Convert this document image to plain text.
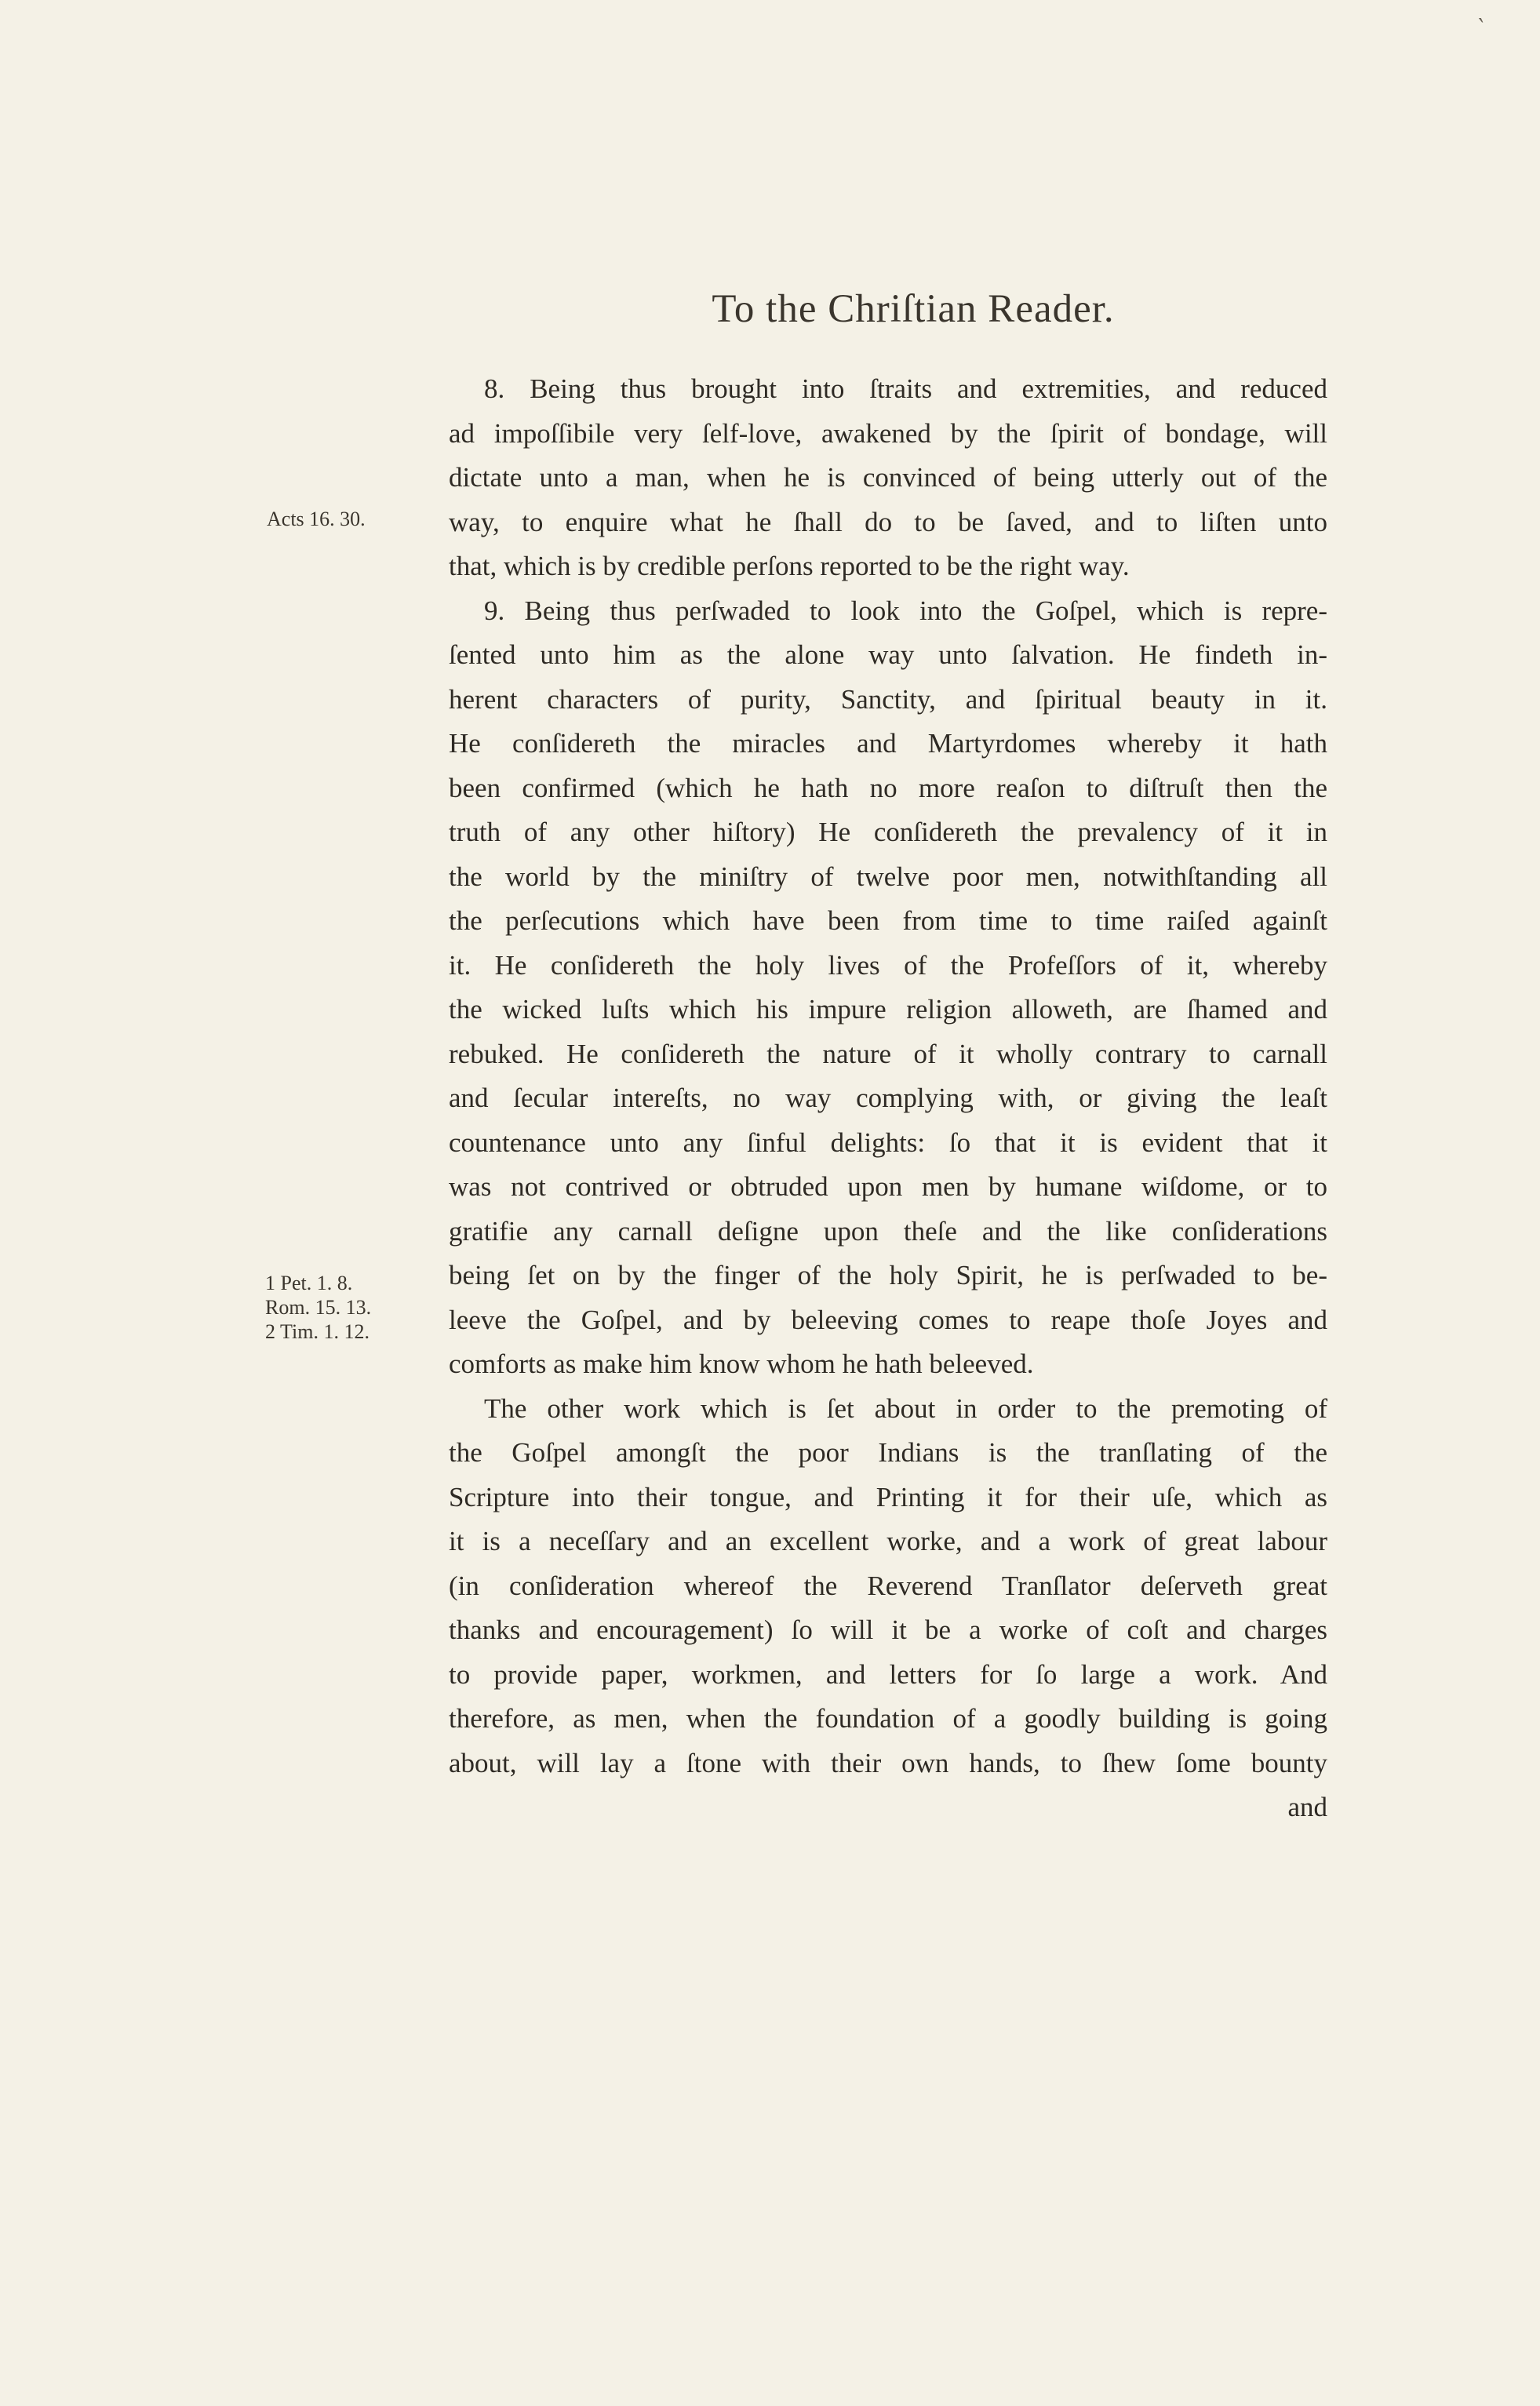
‵
To the Chriſtian Reader.
Acts 16. 30.
1 Pet. 1. 8.
Rom. 15. 13.
2 Tim. 1. 12.
8. Being thus brought into ſtraits and extremities, and reduced
ad impoſſibile very ſelf-love, awakened by the ſpirit of bondage, will
dictate unto a man, when he is convinced of being utterly out of the
way, to enquire what he ſhall do to be ſaved, and to liſten unto
that, which is by credible perſons reported to be the right way.
9. Being thus perſwaded to look into the Goſpel, which is repre-
ſented unto him as the alone way unto ſalvation. He findeth in-
herent characters of purity, Sanctity, and ſpiritual beauty in it.
He conſidereth the miracles and Martyrdomes whereby it hath
been confirmed (which he hath no more reaſon to diſtruſt then the
truth of any other hiſtory) He conſidereth the prevalency of it in
the world by the miniſtry of twelve poor men, notwithſtanding all
the perſecutions which have been from time to time raiſed againſt
it. He conſidereth the holy lives of the Profeſſors of it, whereby
the wicked luſts which his impure religion alloweth, are ſhamed and
rebuked. He conſidereth the nature of it wholly contrary to carnall
and ſecular intereſts, no way complying with, or giving the leaſt
countenance unto any ſinful delights: ſo that it is evident that it
was not contrived or obtruded upon men by humane wiſdome, or to
gratifie any carnall deſigne upon theſe and the like conſiderations
being ſet on by the finger of the holy Spirit, he is perſwaded to be-
leeve the Goſpel, and by beleeving comes to reape thoſe Joyes and
comforts as make him know whom he hath beleeved.
The other work which is ſet about in order to the premoting of
the Goſpel amongſt the poor Indians is the tranſlating of the
Scripture into their tongue, and Printing it for their uſe, which as
it is a neceſſary and an excellent worke, and a work of great labour
(in conſideration whereof the Reverend Tranſlator deſerveth great
thanks and encouragement) ſo will it be a worke of coſt and charges
to provide paper, workmen, and letters for ſo large a work. And
therefore, as men, when the foundation of a goodly building is going
about, will lay a ſtone with their own hands, to ſhew ſome bounty
and
